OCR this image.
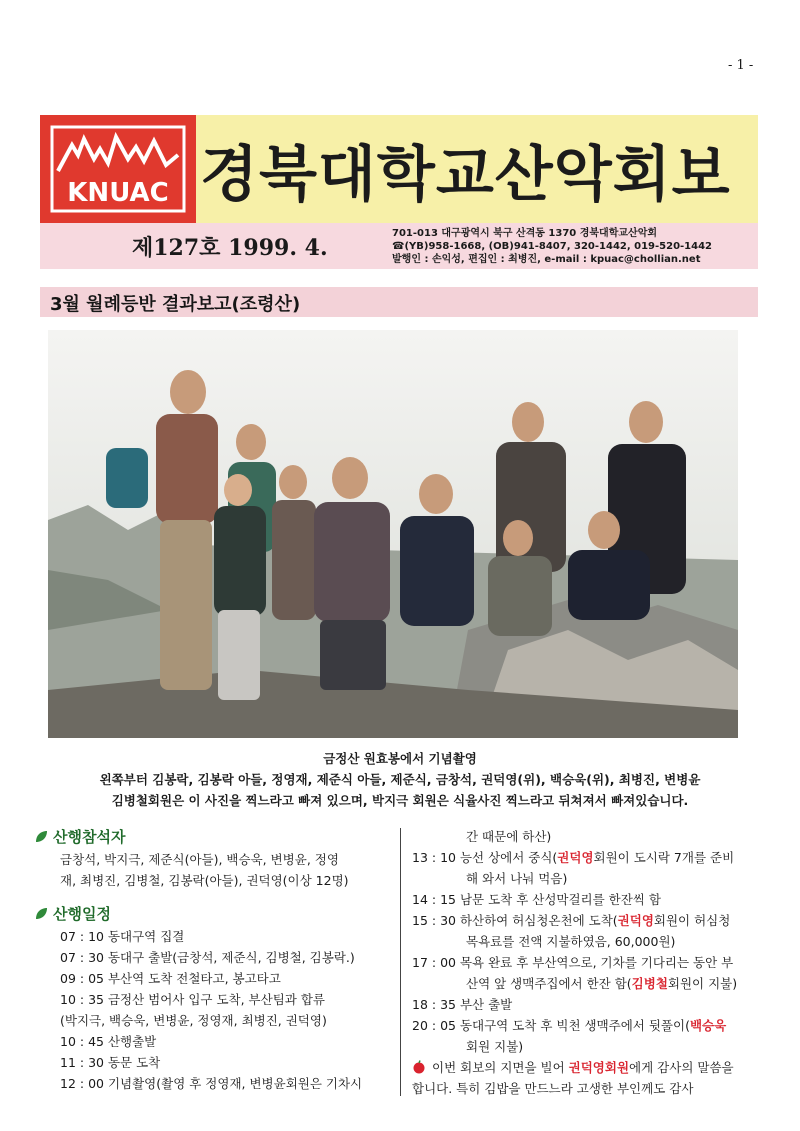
- 1 -
KNUAC 경북대학교산악회보
제127호 1999. 4.
701-013 대구광역시 북구 산격동 1370 경북대학교산악회
☎(YB)958-1668, (OB)941-8407, 320-1442, 019-520-1442
발행인 : 손익성, 편집인 : 최병진, e-mail : kpuac@chollian.net
3월 월례등반 결과보고(조령산)
금정산 원효봉에서 기념촬영
왼쪽부터 김봉락, 김봉락 아들, 정영재, 제준식 아들, 제준식, 금창석, 권덕영(위), 백승욱(위), 최병진, 변병윤
김병철회원은 이 사진을 찍느라고 빠져 있으며, 박지극 회원은 식율사진 찍느라고 뒤쳐져서 빠져있습니다.
산행참석자
금창석, 박지극, 제준식(아들), 백승욱, 변병윤, 정영
재, 최병진, 김병철, 김봉락(아들), 권덕영(이상 12명)
산행일정
07 : 10 동대구역 집결
07 : 30 동대구 출발(금창석, 제준식, 김병철, 김봉락.)
09 : 05 부산역 도착 전철타고, 봉고타고
10 : 35 금정산 범어사 입구 도착, 부산팀과 합류
(박지극, 백승욱, 변병윤, 정영재, 최병진, 권덕영)
10 : 45 산행출발
11 : 30 동문 도착
12 : 00 기념촬영(촬영 후 정영재, 변병윤회원은 기차시
간 때문에 하산)
13 : 10 능선 상에서 중식(권덕영회원이 도시락 7개를 준비
해 와서 나눠 먹음)
14 : 15 남문 도착 후 산성막걸리를 한잔씩 함
15 : 30 하산하여 허심청온천에 도착(권덕영회원이 허심청
목욕료를 전액 지불하였음, 60,000원)
17 : 00 목욕 완료 후 부산역으로, 기차를 기다리는 동안 부
산역 앞 생맥주집에서 한잔 함(김병철회원이 지불)
18 : 35 부산 출발
20 : 05 동대구역 도착 후 빅천 생맥주에서 뒷풀이(백승욱
회원 지불)
이번 회보의 지면을 빌어 권덕영회원에게 감사의 말씀을
합니다. 특히 김밥을 만드느라 고생한 부인께도 감사
